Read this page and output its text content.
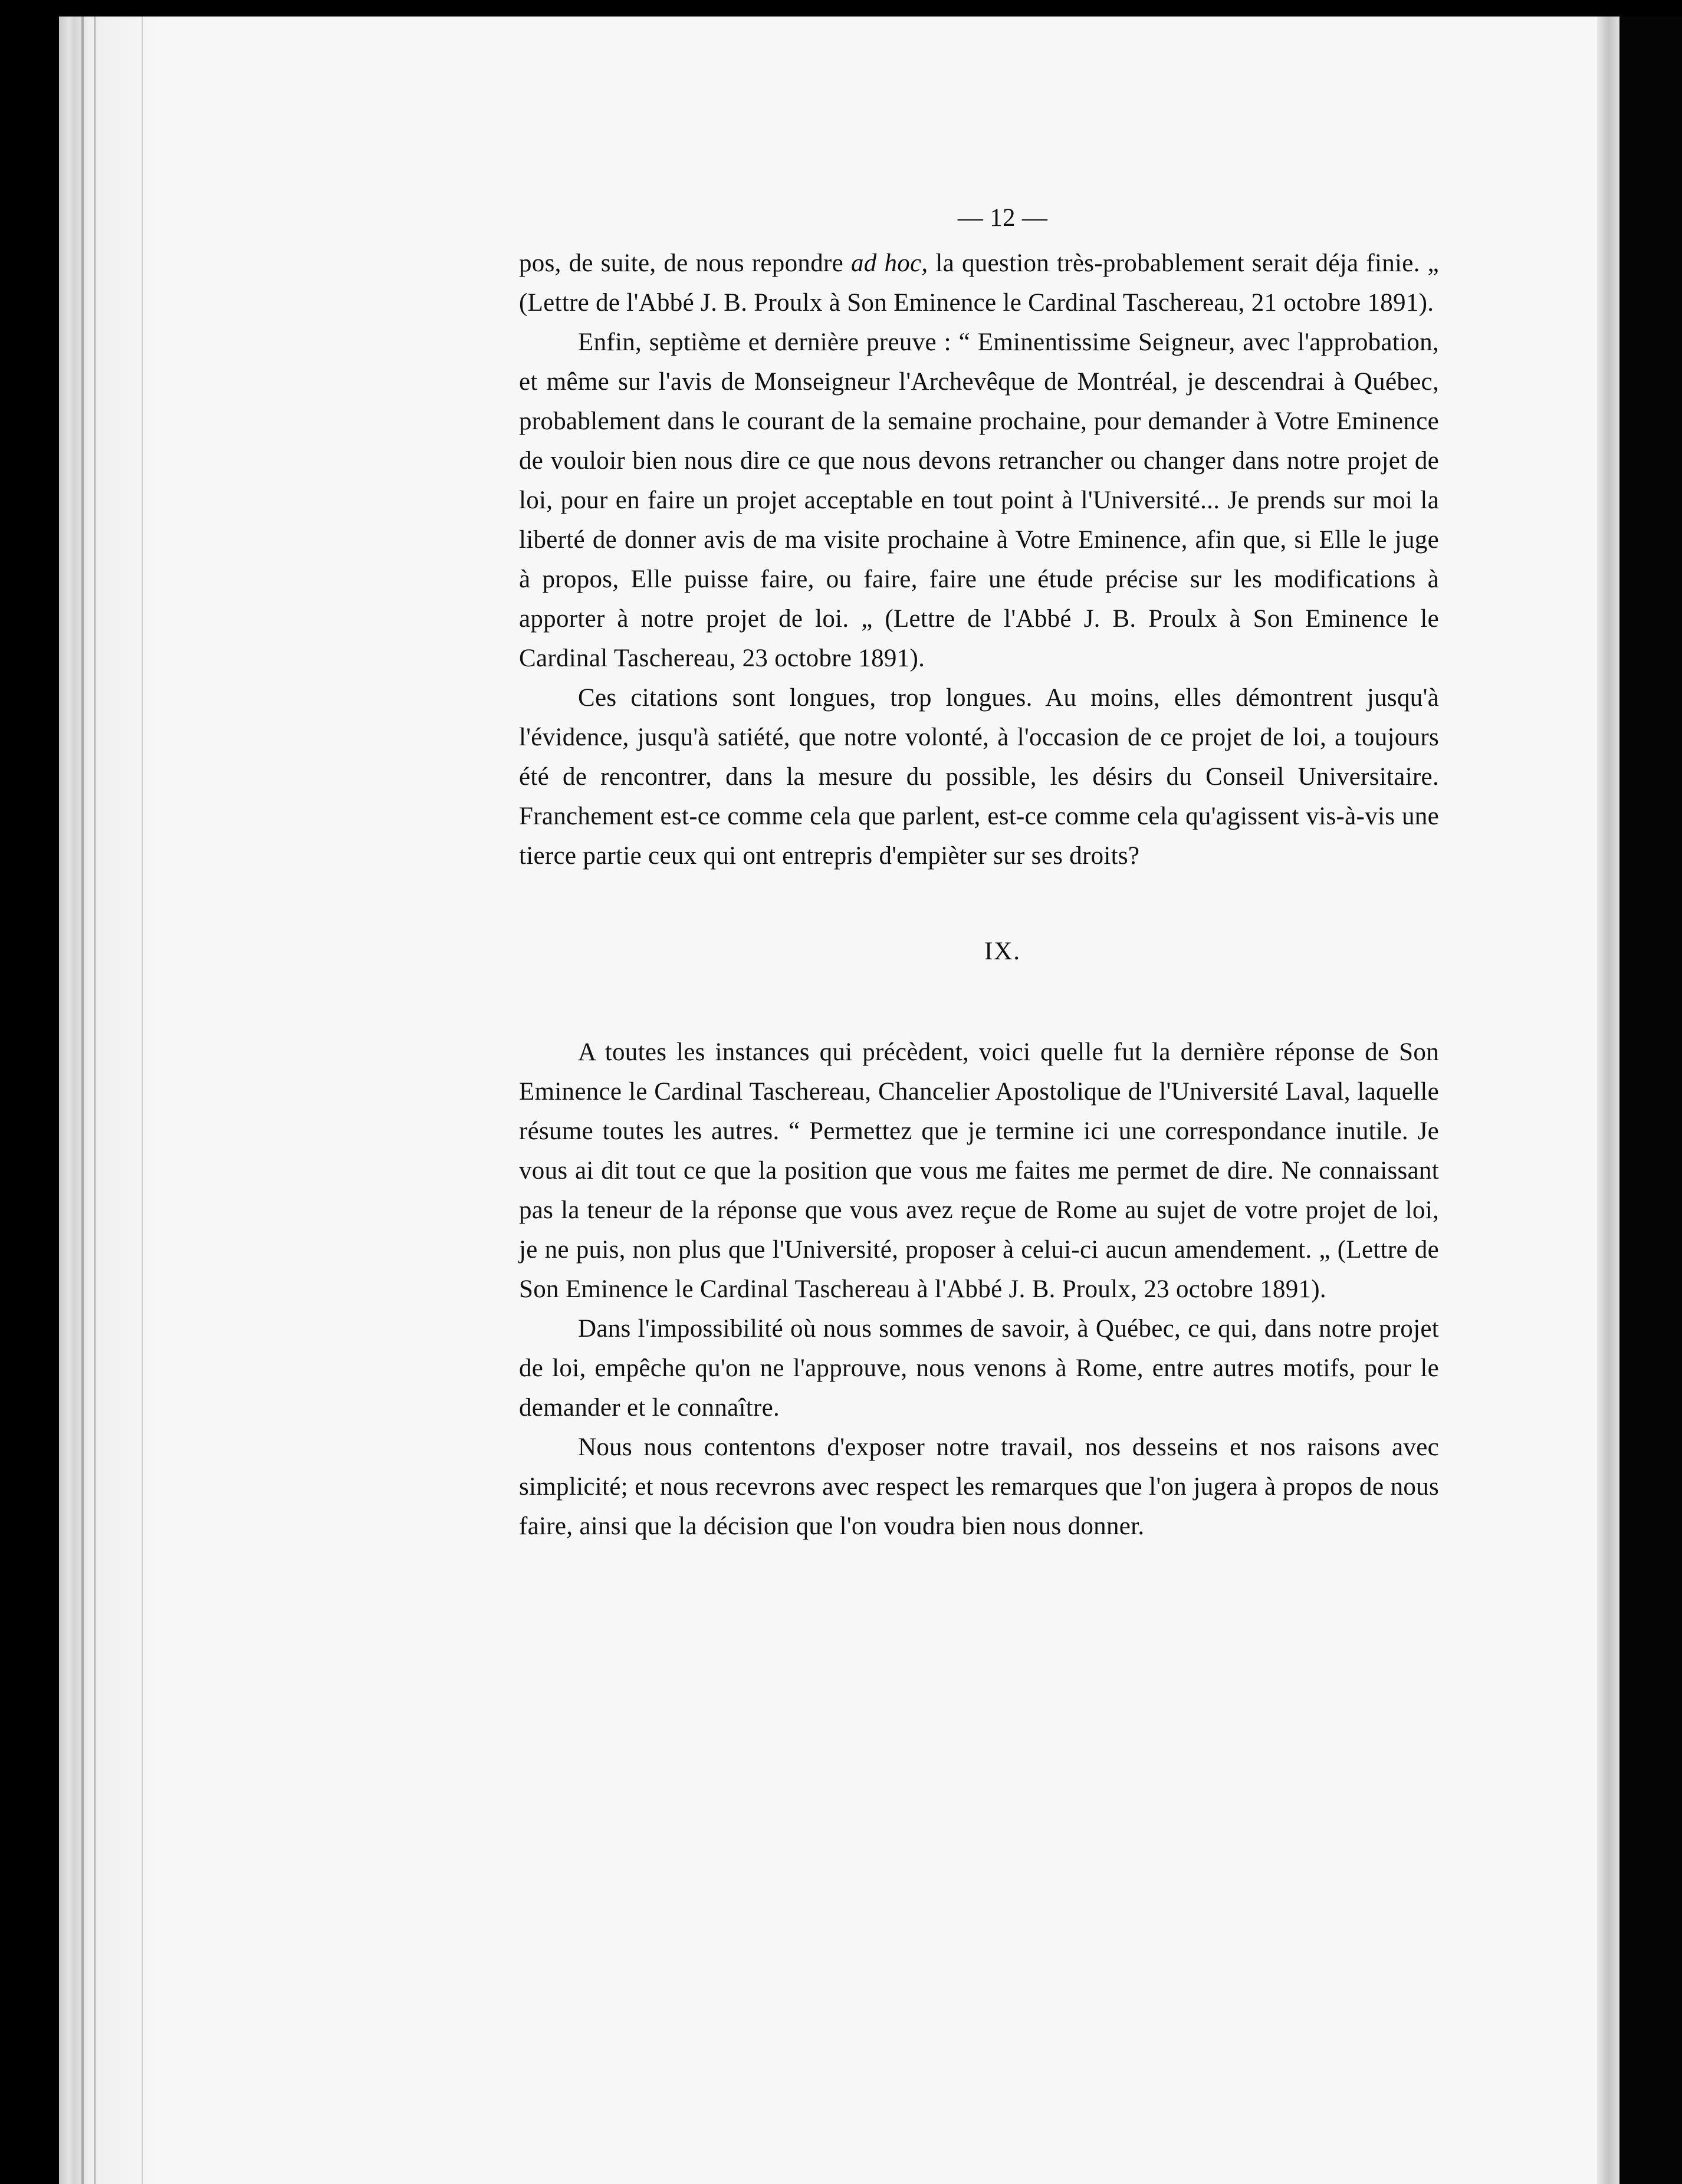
— 12 —

pos, de suite, de nous repondre ad hoc, la question très-probablement serait déja finie. „ (Lettre de l'Abbé J. B. Proulx à Son Eminence le Cardinal Taschereau, 21 octobre 1891).

Enfin, septième et dernière preuve : “ Eminentissime Seigneur, avec l'approbation, et même sur l'avis de Monseigneur l'Archevêque de Montréal, je descendrai à Québec, probablement dans le courant de la semaine prochaine, pour demander à Votre Eminence de vouloir bien nous dire ce que nous devons retrancher ou changer dans notre projet de loi, pour en faire un projet acceptable en tout point à l'Université... Je prends sur moi la liberté de donner avis de ma visite prochaine à Votre Eminence, afin que, si Elle le juge à propos, Elle puisse faire, ou faire, faire une étude précise sur les modifications à apporter à notre projet de loi. „ (Lettre de l'Abbé J. B. Proulx à Son Eminence le Cardinal Taschereau, 23 octobre 1891).

Ces citations sont longues, trop longues. Au moins, elles démontrent jusqu'à l'évidence, jusqu'à satiété, que notre volonté, à l'occasion de ce projet de loi, a toujours été de rencontrer, dans la mesure du possible, les désirs du Conseil Universitaire. Franchement est-ce comme cela que parlent, est-ce comme cela qu'agissent vis-à-vis une tierce partie ceux qui ont entrepris d'empièter sur ses droits?

IX.

A toutes les instances qui précèdent, voici quelle fut la dernière réponse de Son Eminence le Cardinal Taschereau, Chancelier Apostolique de l'Université Laval, laquelle résume toutes les autres. “ Permettez que je termine ici une correspondance inutile. Je vous ai dit tout ce que la position que vous me faites me permet de dire. Ne connaissant pas la teneur de la réponse que vous avez reçue de Rome au sujet de votre projet de loi, je ne puis, non plus que l'Université, proposer à celui-ci aucun amendement. „ (Lettre de Son Eminence le Cardinal Taschereau à l'Abbé J. B. Proulx, 23 octobre 1891).

Dans l'impossibilité où nous sommes de savoir, à Québec, ce qui, dans notre projet de loi, empêche qu'on ne l'approuve, nous venons à Rome, entre autres motifs, pour le demander et le connaître.

Nous nous contentons d'exposer notre travail, nos desseins et nos raisons avec simplicité; et nous recevrons avec respect les remarques que l'on jugera à propos de nous faire, ainsi que la décision que l'on voudra bien nous donner.
